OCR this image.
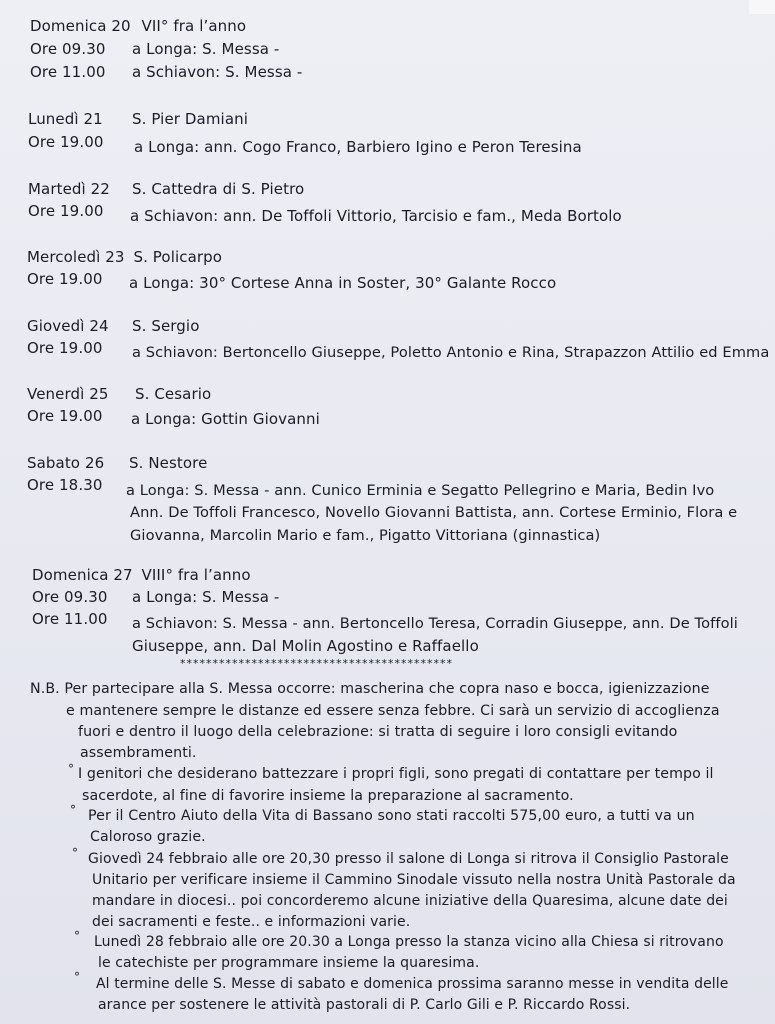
Domenica 20 VII° fra l’anno
Ore 09.30 a Longa: S. Messa -
Ore 11.00 a Schiavon: S. Messa -
Lunedì 21 S. Pier Damiani
Ore 19.00 a Longa: ann. Cogo Franco, Barbiero Igino e Peron Teresina
Martedì 22 S. Cattedra di S. Pietro
Ore 19.00 a Schiavon: ann. De Toffoli Vittorio, Tarcisio e fam., Meda Bortolo
Mercoledì 23 S. Policarpo
Ore 19.00 a Longa: 30° Cortese Anna in Soster, 30° Galante Rocco
Giovedì 24 S. Sergio
Ore 19.00 a Schiavon: Bertoncello Giuseppe, Poletto Antonio e Rina, Strapazzon Attilio ed Emma
Venerdì 25 S. Cesario
Ore 19.00 a Longa: Gottin Giovanni
Sabato 26 S. Nestore
Ore 18.30 a Longa: S. Messa - ann. Cunico Erminia e Segatto Pellegrino e Maria, Bedin Ivo
Ann. De Toffoli Francesco, Novello Giovanni Battista, ann. Cortese Erminio, Flora e
Giovanna, Marcolin Mario e fam., Pigatto Vittoriana (ginnastica)
Domenica 27 VIII° fra l’anno
Ore 09.30 a Longa: S. Messa -
Ore 11.00 a Schiavon: S. Messa - ann. Bertoncello Teresa, Corradin Giuseppe, ann. De Toffoli
Giuseppe, ann. Dal Molin Agostino e Raffaello
******************************************
N.B. Per partecipare alla S. Messa occorre: mascherina che copra naso e bocca, igienizzazione
e mantenere sempre le distanze ed essere senza febbre. Ci sarà un servizio di accoglienza
fuori e dentro il luogo della celebrazione: si tratta di seguire i loro consigli evitando
assembramenti.
° I genitori che desiderano battezzare i propri figli, sono pregati di contattare per tempo il
sacerdote, al fine di favorire insieme la preparazione al sacramento.
° Per il Centro Aiuto della Vita di Bassano sono stati raccolti 575,00 euro, a tutti va un
Caloroso grazie.
° Giovedì 24 febbraio alle ore 20,30 presso il salone di Longa si ritrova il Consiglio Pastorale
Unitario per verificare insieme il Cammino Sinodale vissuto nella nostra Unità Pastorale da
mandare in diocesi.. poi concorderemo alcune iniziative della Quaresima, alcune date dei
dei sacramenti e feste.. e informazioni varie.
° Lunedì 28 febbraio alle ore 20.30 a Longa presso la stanza vicino alla Chiesa si ritrovano
le catechiste per programmare insieme la quaresima.
° Al termine delle S. Messe di sabato e domenica prossima saranno messe in vendita delle
arance per sostenere le attività pastorali di P. Carlo Gili e P. Riccardo Rossi.
